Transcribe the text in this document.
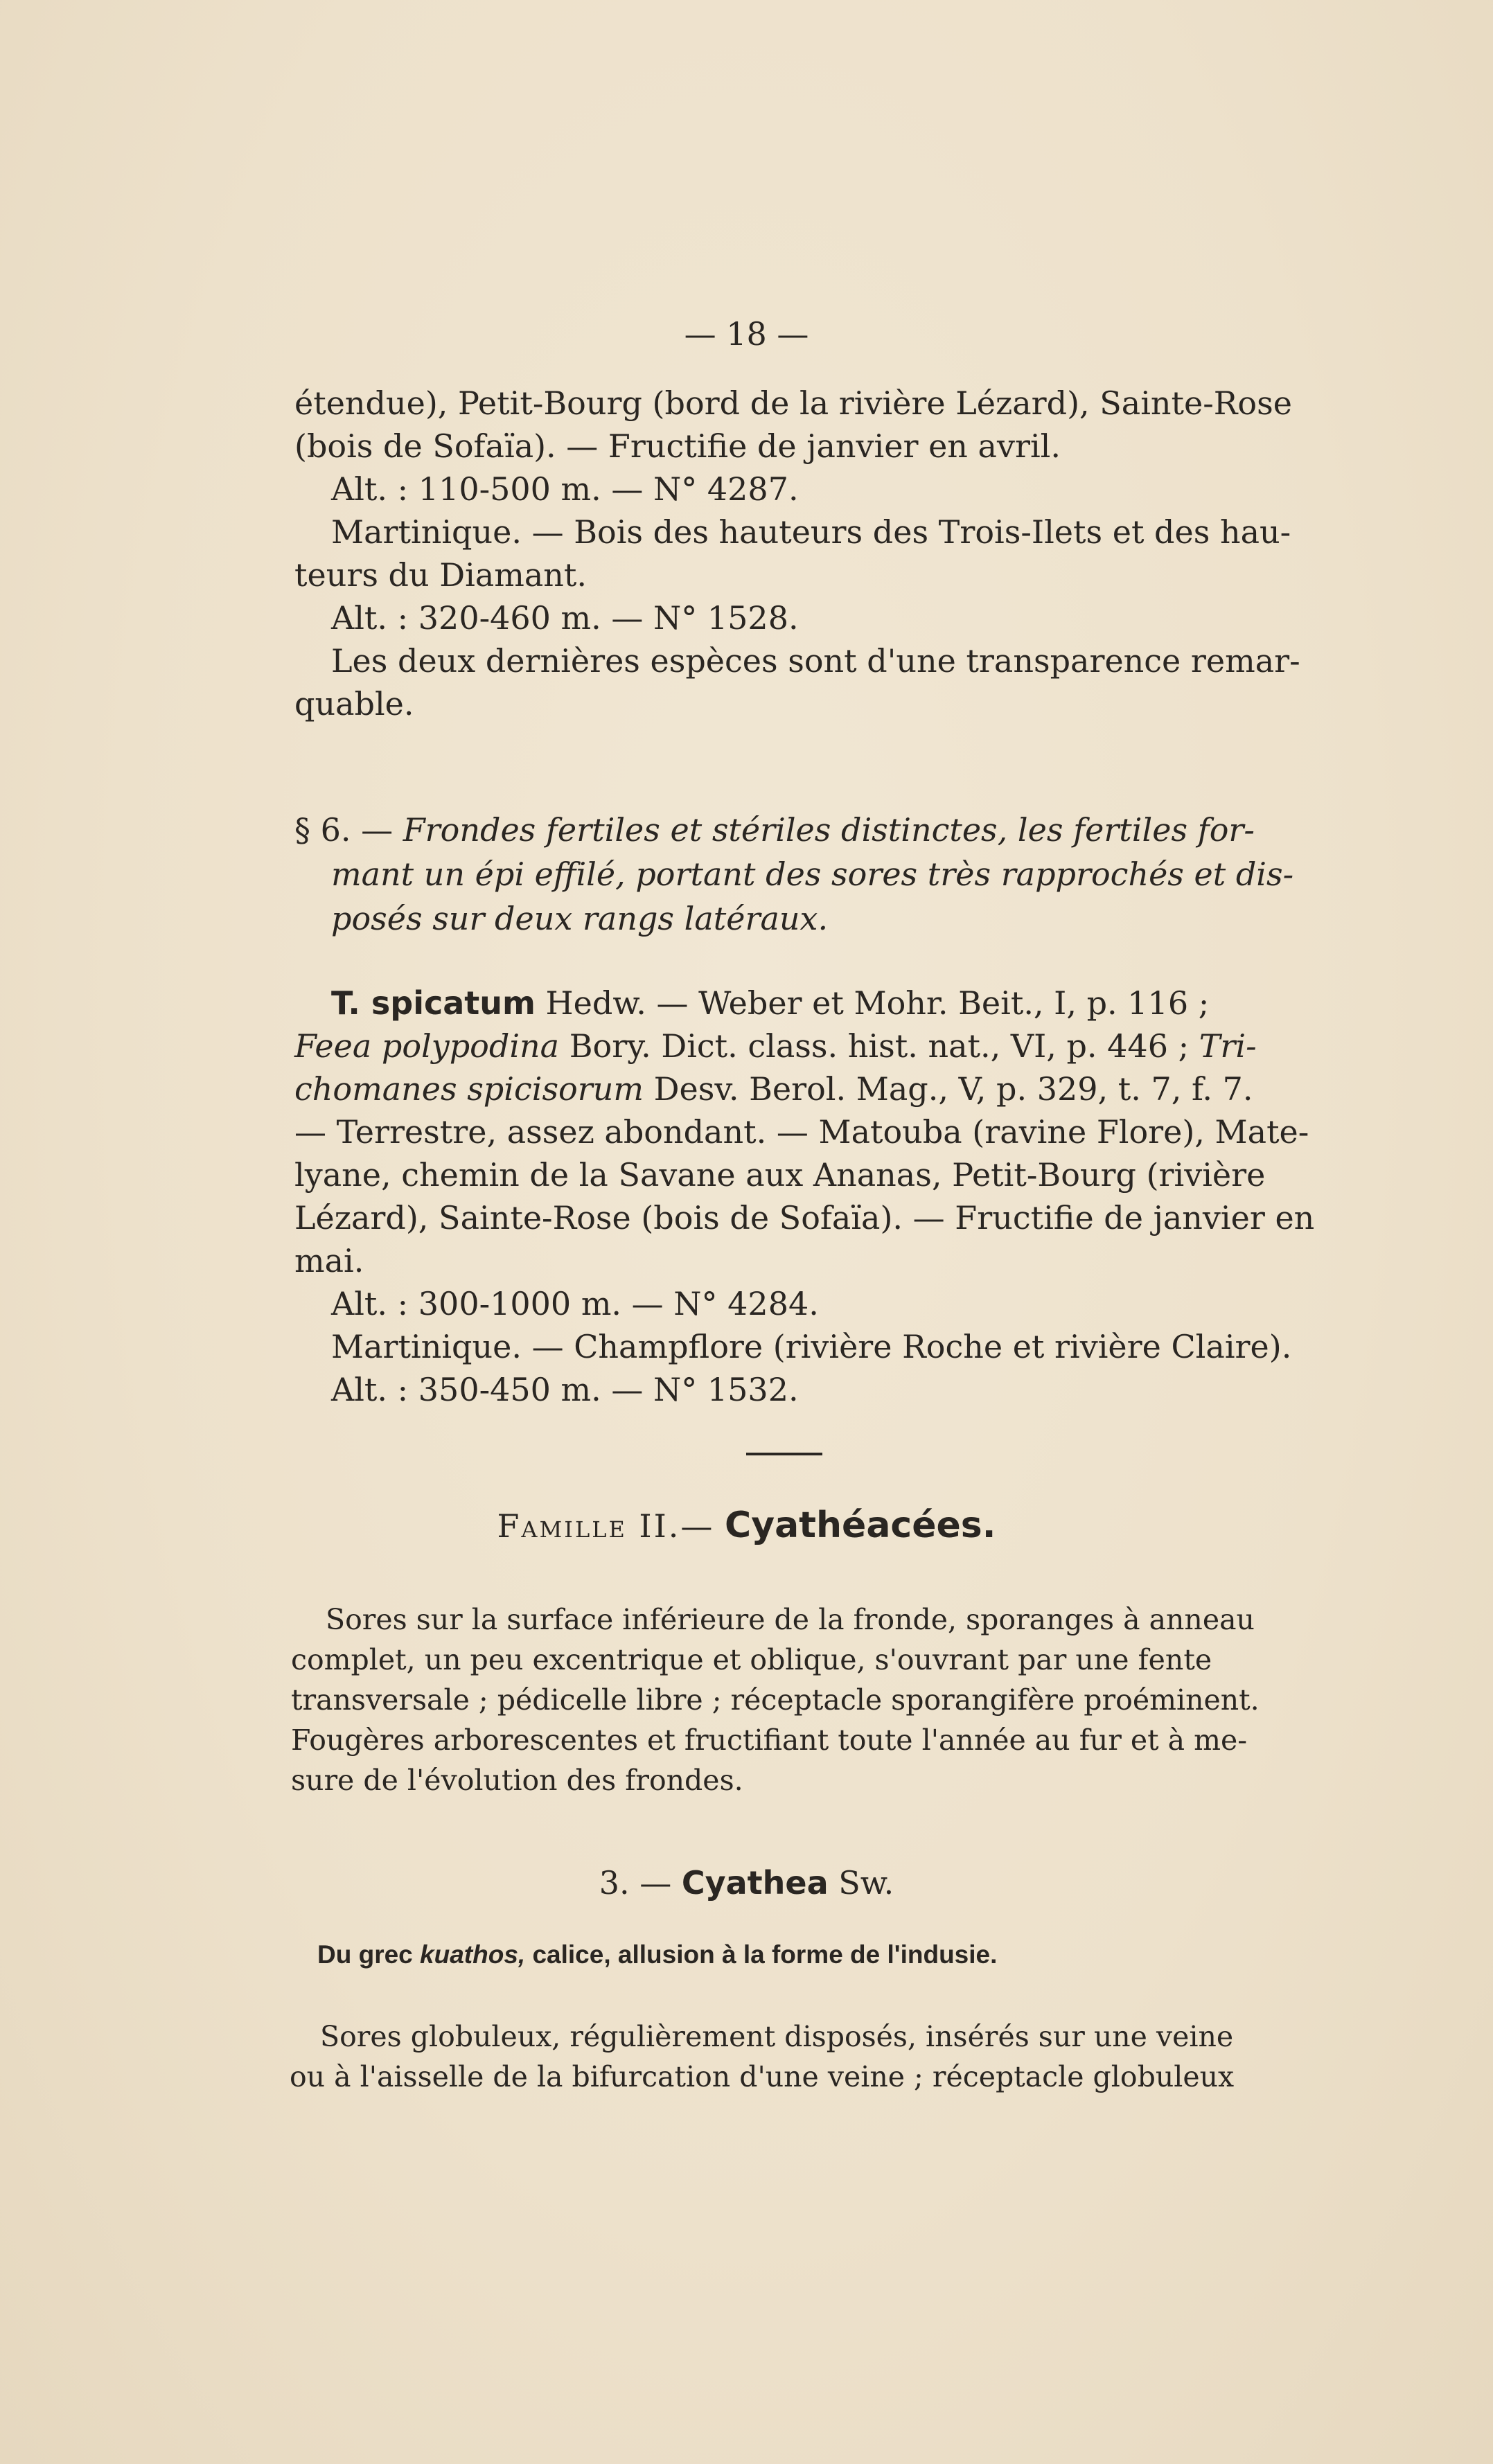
— 18 —
étendue), Petit-Bourg (bord de la rivière Lézard), Sainte-Rose
(bois de Sofaïa). — Fructifie de janvier en avril.
Alt. : 110-500 m. — N° 4287.
Martinique. — Bois des hauteurs des Trois-Ilets et des hau-
teurs du Diamant.
Alt. : 320-460 m. — N° 1528.
Les deux dernières espèces sont d'une transparence remar-
quable.
§ 6. — Frondes fertiles et stériles distinctes, les fertiles for-
mant un épi effilé, portant des sores très rapprochés et dis-
posés sur deux rangs latéraux.
T. spicatum Hedw. — Weber et Mohr. Beit., I, p. 116 ;
Feea polypodina Bory. Dict. class. hist. nat., VI, p. 446 ; Tri-
chomanes spicisorum Desv. Berol. Mag., V, p. 329, t. 7, f. 7.
— Terrestre, assez abondant. — Matouba (ravine Flore), Mate-
lyane, chemin de la Savane aux Ananas, Petit-Bourg (rivière
Lézard), Sainte-Rose (bois de Sofaïa). — Fructifie de janvier en
mai.
Alt. : 300-1000 m. — N° 4284.
Martinique. — Champflore (rivière Roche et rivière Claire).
Alt. : 350-450 m. — N° 1532.
Famille II.— Cyathéacées.
Sores sur la surface inférieure de la fronde, sporanges à anneau
complet, un peu excentrique et oblique, s'ouvrant par une fente
transversale ; pédicelle libre ; réceptacle sporangifère proéminent.
Fougères arborescentes et fructifiant toute l'année au fur et à me-
sure de l'évolution des frondes.
3. — Cyathea Sw.
Du grec kuathos, calice, allusion à la forme de l'indusie.
Sores globuleux, régulièrement disposés, insérés sur une veine
ou à l'aisselle de la bifurcation d'une veine ; réceptacle globuleux
